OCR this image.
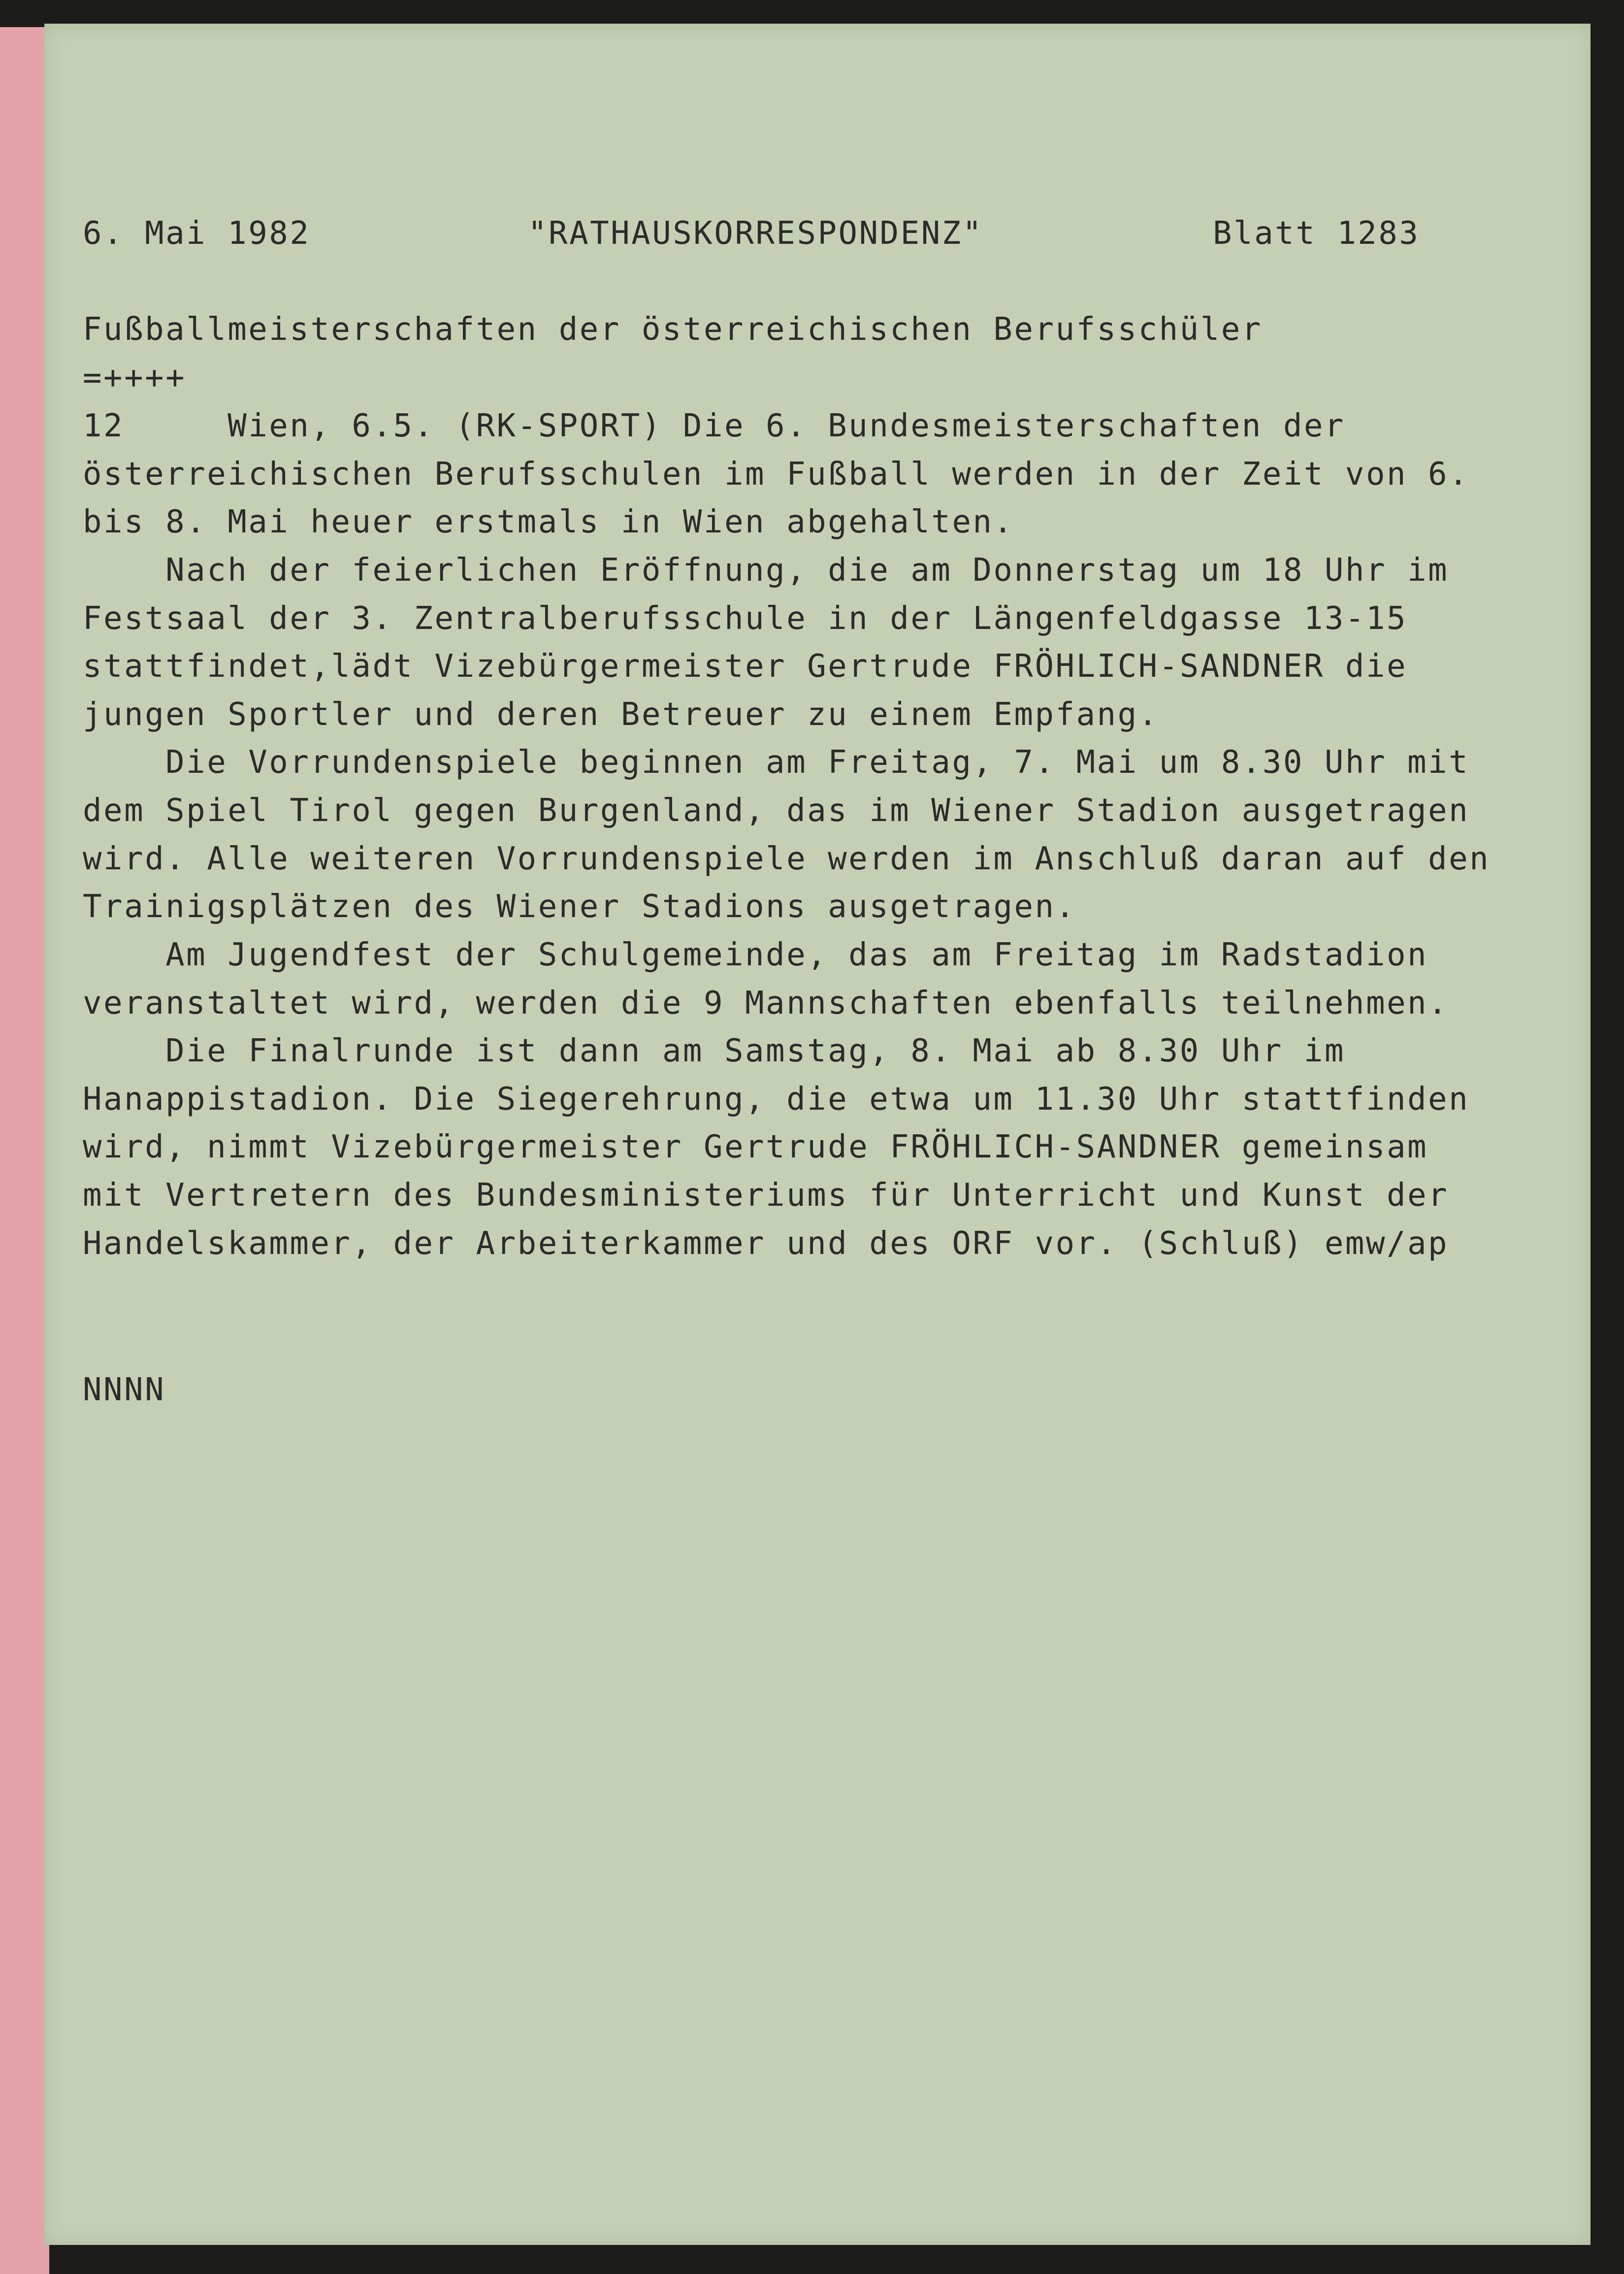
6. Mai 1982	"RATHAUSKORRESPONDENZ"	Blatt 1283
Fußballmeisterschaften der österreichischen Berufsschüler
=++++
12     Wien, 6.5. (RK-SPORT) Die 6. Bundesmeisterschaften der
österreichischen Berufsschulen im Fußball werden in der Zeit von 6.
bis 8. Mai heuer erstmals in Wien abgehalten.
Nach der feierlichen Eröffnung, die am Donnerstag um 18 Uhr im
Festsaal der 3. Zentralberufsschule in der Längenfeldgasse 13-15
stattfindet,lädt Vizebürgermeister Gertrude FRÖHLICH-SANDNER die
jungen Sportler und deren Betreuer zu einem Empfang.
Die Vorrundenspiele beginnen am Freitag, 7. Mai um 8.30 Uhr mit
dem Spiel Tirol gegen Burgenland, das im Wiener Stadion ausgetragen
wird. Alle weiteren Vorrundenspiele werden im Anschluß daran auf den
Trainigsplätzen des Wiener Stadions ausgetragen.
Am Jugendfest der Schulgemeinde, das am Freitag im Radstadion
veranstaltet wird, werden die 9 Mannschaften ebenfalls teilnehmen.
Die Finalrunde ist dann am Samstag, 8. Mai ab 8.30 Uhr im
Hanappistadion. Die Siegerehrung, die etwa um 11.30 Uhr stattfinden
wird, nimmt Vizebürgermeister Gertrude FRÖHLICH-SANDNER gemeinsam
mit Vertretern des Bundesministeriums für Unterricht und Kunst der
Handelskammer, der Arbeiterkammer und des ORF vor. (Schluß) emw/ap
NNNN
